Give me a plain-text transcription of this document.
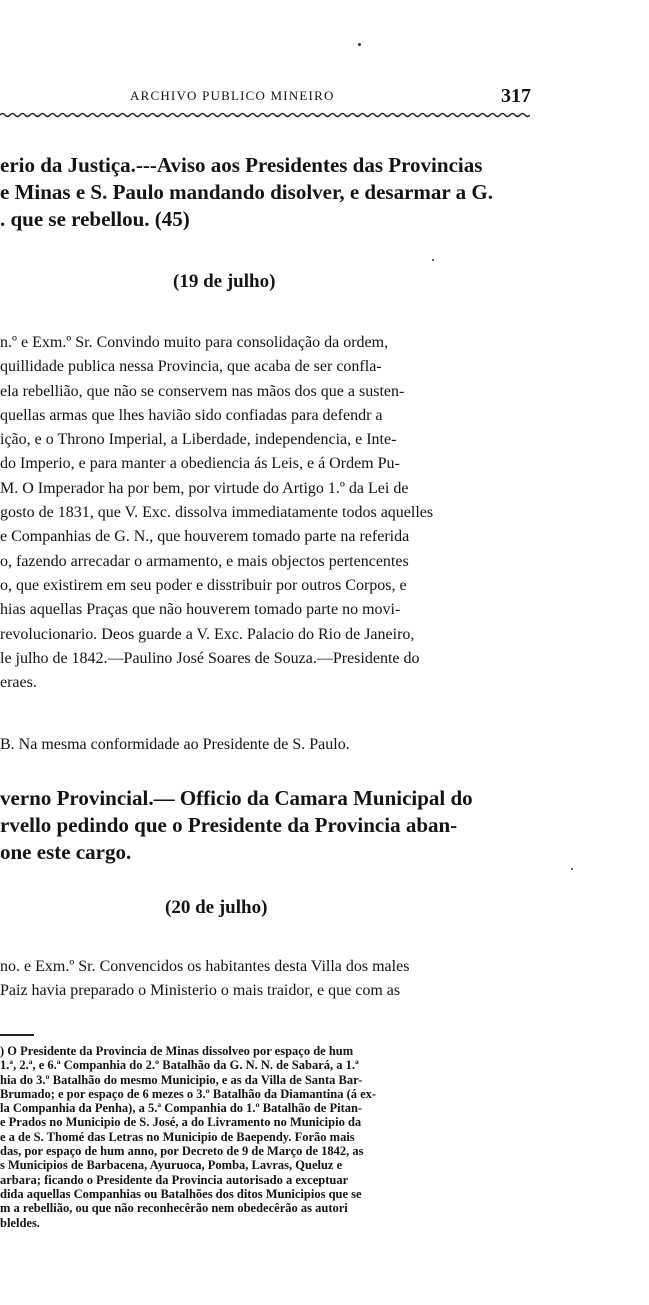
ARCHIVO PUBLICO MINEIRO	317
erio da Justiça.---Aviso aos Presidentes das Provincias
e Minas e S. Paulo mandando disolver, e desarmar a G.
. que se rebellou. (45)
(19 de julho)
n.º e Exm.º Sr. Convindo muito para consolidação da ordem,
quillidade publica nessa Provincia, que acaba de ser confla-
ela rebellião, que não se conservem nas mãos dos que a susten-
quellas armas que lhes havião sido confiadas para defendr a
ição, e o Throno Imperial, a Liberdade, independencia, e Inte-
do Imperio, e para manter a obediencia ás Leis, e á Ordem Pu-
M. O Imperador ha por bem, por virtude do Artigo 1.º da Lei de
gosto de 1831, que V. Exc. dissolva immediatamente todos aquelles
e Companhias de G. N., que houverem tomado parte na referida
o, fazendo arrecadar o armamento, e mais objectos pertencentes
o, que existirem em seu poder e disstribuir por outros Corpos, e
hias aquellas Praças que não houverem tomado parte no movi-
revolucionario. Deos guarde a V. Exc. Palacio do Rio de Janeiro,
le julho de 1842.—Paulino José Soares de Souza.—Presidente do
eraes.
B. Na mesma conformidade ao Presidente de S. Paulo.
verno Provincial.— Officio da Camara Municipal do
rvello pedindo que o Presidente da Provincia aban-
one este cargo.
(20 de julho)
no. e Exm.º Sr. Convencidos os habitantes desta Villa dos males
Paiz havia preparado o Ministerio o mais traidor, e que com as
) O Presidente da Provincia de Minas dissolveo por espaço de hum
1.ª, 2.ª, e 6.ª Companhia do 2.º Batalhão da G. N. N. de Sabará, a 1.ª
hia do 3.º Batalhão do mesmo Municipio, e as da Villa de Santa Bar-
Brumado; e por espaço de 6 mezes o 3.º Batalhão da Diamantina (á ex-
la Companhia da Penha), a 5.ª Companhia do 1.º Batalhão de Pitan-
e Prados no Municipio de S. José, a do Livramento no Municipio da
e a de S. Thomé das Letras no Municipio de Baependy. Forão mais
das, por espaço de hum anno, por Decreto de 9 de Março de 1842, as
s Municipios de Barbacena, Ayuruoca, Pomba, Lavras, Queluz e
arbara; ficando o Presidente da Provincia autorisado a exceptuar
dida aquellas Companhias ou Batalhões dos ditos Municipios que se
m a rebellião, ou que não reconhecêrão nem obedecêrão as autori
bleldes.
